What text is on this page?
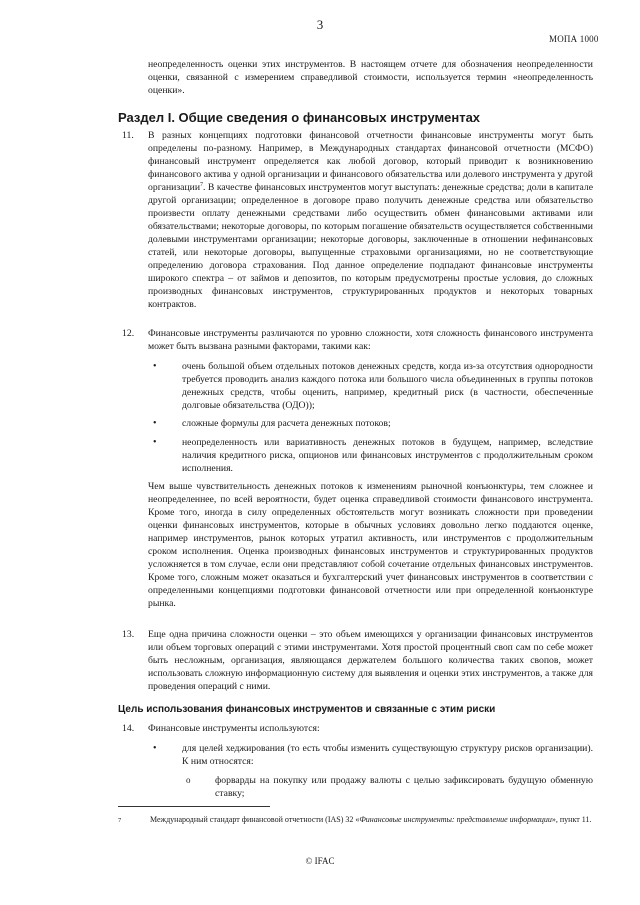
3
МОПА 1000
неопределенность оценки этих инструментов. В настоящем отчете для обозначения неопределенности оценки, связанной с измерением справедливой стоимости, используется термин «неопределенность оценки».
Раздел I. Общие сведения о финансовых инструментах
11. В разных концепциях подготовки финансовой отчетности финансовые инструменты могут быть определены по-разному. Например, в Международных стандартах финансовой отчетности (МСФО) финансовый инструмент определяется как любой договор, который приводит к возникновению финансового актива у одной организации и финансового обязательства или долевого инструмента у другой организации$^7$. В качестве финансовых инструментов могут выступать: денежные средства; доли в капитале другой организации; определенное в договоре право получить денежные средства или обязательство произвести оплату денежными средствами либо осуществить обмен финансовыми активами или обязательствами; некоторые договоры, по которым погашение обязательств осуществляется собственными долевыми инструментами организации; некоторые договоры, заключенные в отношении нефинансовых статей, или некоторые договоры, выпущенные страховыми организациями, но не соответствующие определению договора страхования. Под данное определение подпадают финансовые инструменты широкого спектра – от займов и депозитов, по которым предусмотрены простые условия, до сложных производных финансовых инструментов, структурированных продуктов и некоторых товарных контрактов.
12. Финансовые инструменты различаются по уровню сложности, хотя сложность финансового инструмента может быть вызвана разными факторами, такими как:
•	очень большой объем отдельных потоков денежных средств, когда из-за отсутствия однородности требуется проводить анализ каждого потока или большого числа объединенных в группы потоков денежных средств, чтобы оценить, например, кредитный риск (в частности, обеспеченные долговые обязательства (ОДО));
•	сложные формулы для расчета денежных потоков;
•	неопределенность или вариативность денежных потоков в будущем, например, вследствие наличия кредитного риска, опционов или финансовых инструментов с продолжительным сроком исполнения.
Чем выше чувствительность денежных потоков к изменениям рыночной конъюнктуры, тем сложнее и неопределеннее, по всей вероятности, будет оценка справедливой стоимости финансового инструмента. Кроме того, иногда в силу определенных обстоятельств могут возникать сложности при проведении оценки финансовых инструментов, которые в обычных условиях довольно легко поддаются оценке, например инструментов, рынок которых утратил активность, или инструментов с продолжительным сроком исполнения. Оценка производных финансовых инструментов и структурированных продуктов усложняется в том случае, если они представляют собой сочетание отдельных финансовых инструментов. Кроме того, сложным может оказаться и бухгалтерский учет финансовых инструментов в соответствии с определенными концепциями подготовки финансовой отчетности или при определенной конъюнктуре рынка.
13. Еще одна причина сложности оценки – это объем имеющихся у организации финансовых инструментов или объем торговых операций с этими инструментами. Хотя простой процентный своп сам по себе может быть несложным, организация, являющаяся держателем большого количества таких свопов, может использовать сложную информационную систему для выявления и оценки этих инструментов, а также для проведения операций с ними.
Цель использования финансовых инструментов и связанные с этим риски
14. Финансовые инструменты используются:
•	для целей хеджирования (то есть чтобы изменить существующую структуру рисков организации). К ним относятся:
o	форварды на покупку или продажу валюты с целью зафиксировать будущую обменную ставку;
7	Международный стандарт финансовой отчетности (IAS) 32 «Финансовые инструменты: представление информации», пункт 11.
© IFAC
